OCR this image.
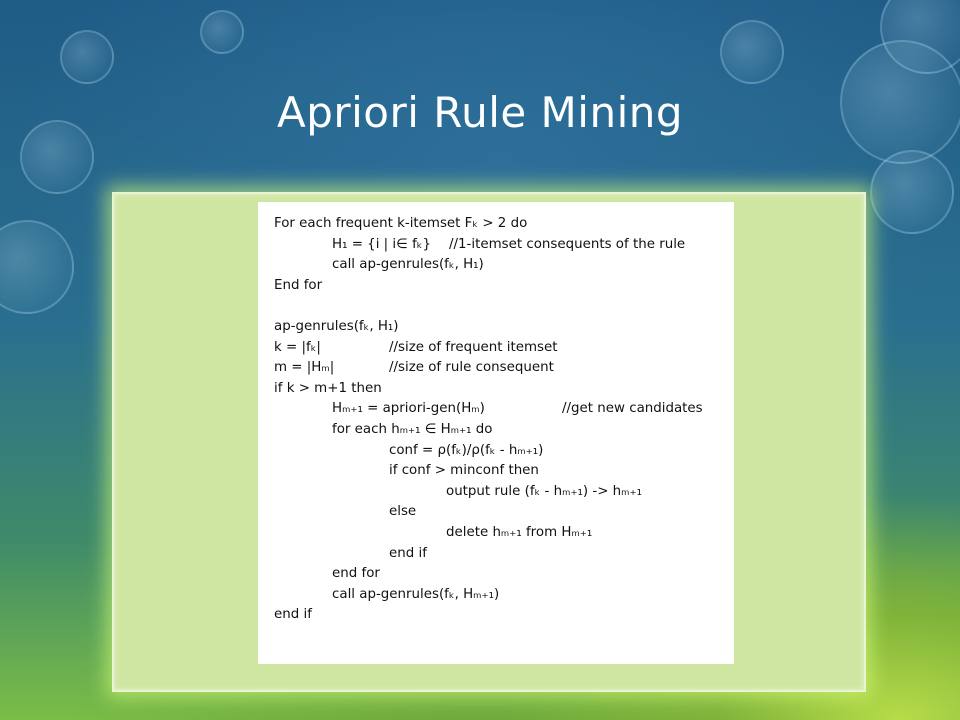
Apriori Rule Mining
For each frequent k-itemset Fₖ > 2 do
H₁ = {i | i∈ fₖ} //1-itemset consequents of the rule
call ap-genrules(fₖ, H₁)
End for
ap-genrules(fₖ, H₁)
k = |fₖ|	//size of frequent itemset
m = |Hₘ|	//size of rule consequent
if k > m+1 then
Hₘ₊₁ = apriori-gen(Hₘ)	//get new candidates
for each hₘ₊₁ ∈ Hₘ₊₁ do
conf = ρ(fₖ)/ρ(fₖ - hₘ₊₁)
if conf > minconf then
output rule (fₖ - hₘ₊₁) -> hₘ₊₁
else
delete hₘ₊₁ from Hₘ₊₁
end if
end for
call ap-genrules(fₖ, Hₘ₊₁)
end if
